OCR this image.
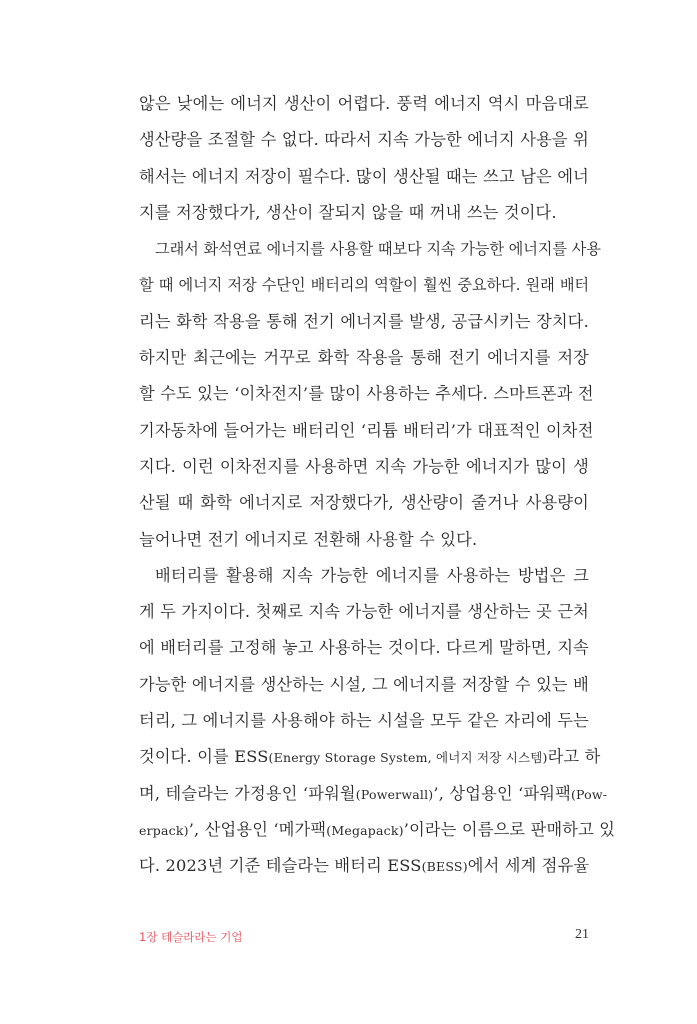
않은 낮에는 에너지 생산이 어렵다. 풍력 에너지 역시 마음대로
생산량을 조절할 수 없다. 따라서 지속 가능한 에너지 사용을 위
해서는 에너지 저장이 필수다. 많이 생산될 때는 쓰고 남은 에너
지를 저장했다가, 생산이 잘되지 않을 때 꺼내 쓰는 것이다.
그래서 화석연료 에너지를 사용할 때보다 지속 가능한 에너지를 사용
할 때 에너지 저장 수단인 배터리의 역할이 훨씬 중요하다. 원래 배터
리는 화학 작용을 통해 전기 에너지를 발생, 공급시키는 장치다.
하지만 최근에는 거꾸로 화학 작용을 통해 전기 에너지를 저장
할 수도 있는 ‘이차전지’를 많이 사용하는 추세다. 스마트폰과 전
기자동차에 들어가는 배터리인 ‘리튬 배터리’가 대표적인 이차전
지다. 이런 이차전지를 사용하면 지속 가능한 에너지가 많이 생
산될 때 화학 에너지로 저장했다가, 생산량이 줄거나 사용량이
늘어나면 전기 에너지로 전환해 사용할 수 있다.
배터리를 활용해 지속 가능한 에너지를 사용하는 방법은 크
게 두 가지이다. 첫째로 지속 가능한 에너지를 생산하는 곳 근처
에 배터리를 고정해 놓고 사용하는 것이다. 다르게 말하면, 지속
가능한 에너지를 생산하는 시설, 그 에너지를 저장할 수 있는 배
터리, 그 에너지를 사용해야 하는 시설을 모두 같은 자리에 두는
것이다. 이를 ESS(Energy Storage System, 에너지 저장 시스템)라고 하
며, 테슬라는 가정용인 ‘파워월(Powerwall)’, 상업용인 ‘파워팩(Pow-
erpack)’, 산업용인 ‘메가팩(Megapack)’이라는 이름으로 판매하고 있
다. 2023년 기준 테슬라는 배터리 ESS(BESS)에서 세계 점유율
1장 테슬라라는 기업	21
